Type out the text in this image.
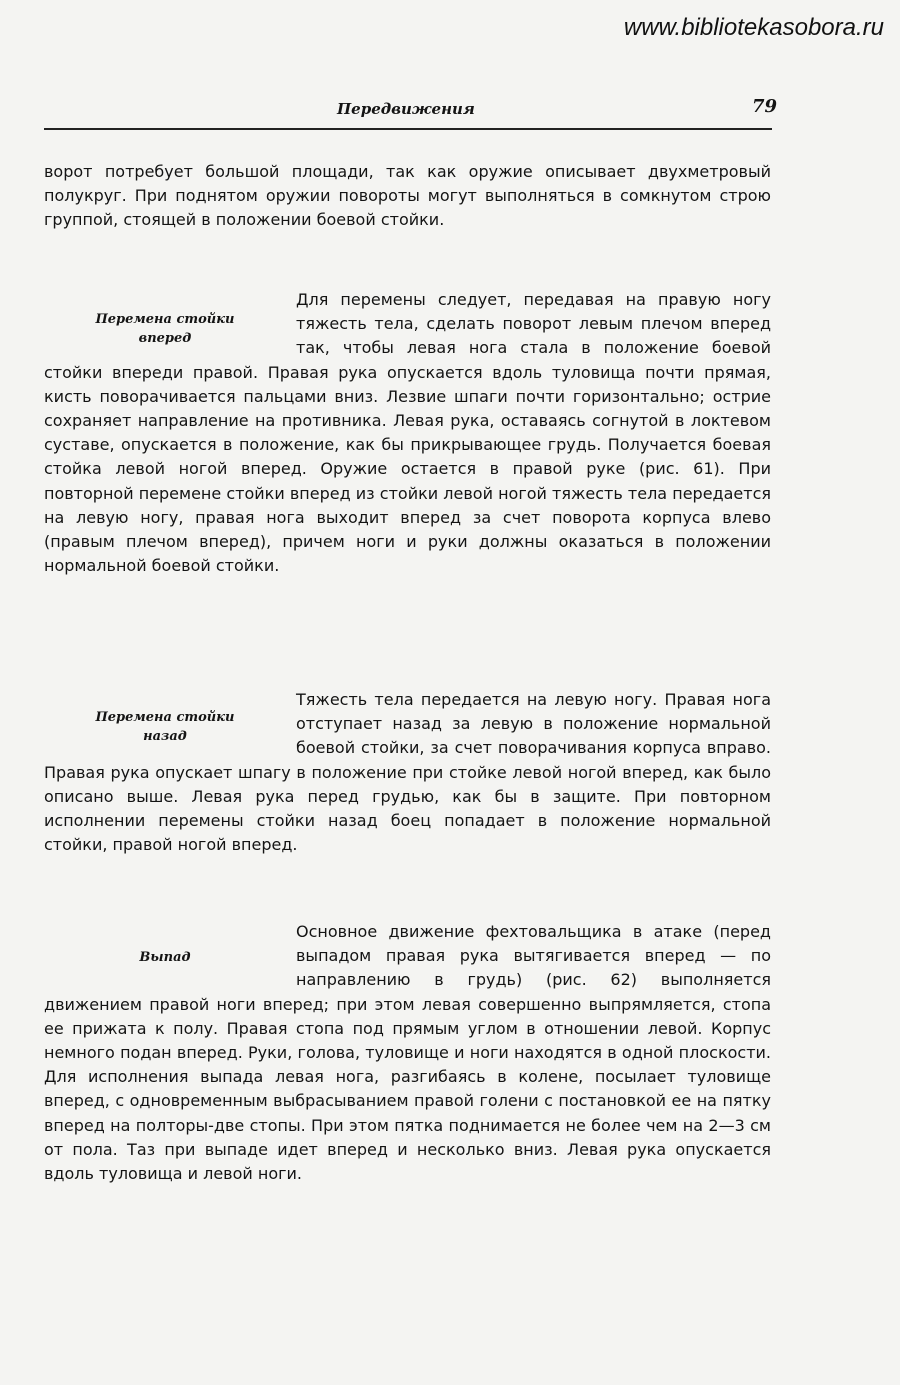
www.bibliotekasobora.ru
Передвижения	79

ворот потребует большой площади, так как оружие описывает двухметровый полукруг. При поднятом оружии повороты могут выполняться в сомкнутом строю группой, стоящей в положении боевой стойки.

Перемена стойки
вперед

Для перемены следует, передавая на правую ногу тяжесть тела, сделать поворот левым плечом вперед так, чтобы левая нога стала в положение боевой стойки впереди правой. Правая рука опускается вдоль туловища почти прямая, кисть поворачивается пальцами вниз. Лезвие шпаги почти горизонтально; острие сохраняет направление на противника. Левая рука, оставаясь согнутой в локтевом суставе, опускается в положение, как бы прикрывающее грудь. Получается боевая стойка левой ногой вперед. Оружие остается в правой руке (рис. 61). При повторной перемене стойки вперед из стойки левой ногой тяжесть тела передается на левую ногу, правая нога выходит вперед за счет поворота корпуса влево (правым плечом вперед), причем ноги и руки должны оказаться в положении нормальной боевой стойки.

Перемена стойки
назад

Тяжесть тела передается на левую ногу. Правая нога отступает назад за левую в положение нормальной боевой стойки, за счет поворачивания корпуса вправо. Правая рука опускает шпагу в положение при стойке левой ногой вперед, как было описано выше. Левая рука перед грудью, как бы в защите. При повторном исполнении перемены стойки назад боец попадает в положение нормальной стойки, правой ногой вперед.

Выпад

Основное движение фехтовальщика в атаке (перед выпадом правая рука вытягивается вперед — по направлению в грудь) (рис. 62) выполняется движением правой ноги вперед; при этом левая совершенно выпрямляется, стопа ее прижата к полу. Правая стопа под прямым углом в отношении левой. Корпус немного подан вперед. Руки, голова, туловище и ноги находятся в одной плоскости. Для исполнения выпада левая нога, разгибаясь в колене, посылает туловище вперед, с одновременным выбрасыванием правой голени с постановкой ее на пятку вперед на полторы-две стопы. При этом пятка поднимается не более чем на 2—3 см от пола. Таз при выпаде идет вперед и несколько вниз. Левая рука опускается вдоль туловища и левой ноги.
